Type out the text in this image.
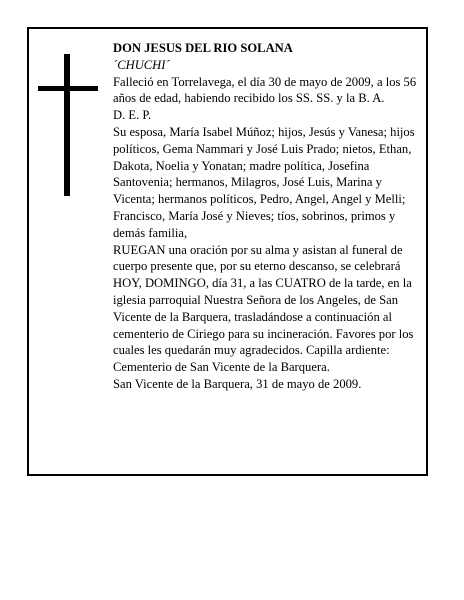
DON JESUS DEL RIO SOLANA

´CHUCHI´

Falleció en Torrelavega, el día 30 de mayo de 2009, a los 56 años de edad, habiendo recibido los SS. SS. y la B. A.

D. E. P.

Su esposa, María Isabel Múñoz; hijos, Jesús y Vanesa; hijos políticos, Gema Nammari y José Luis Prado; nietos, Ethan, Dakota, Noelia y Yonatan; madre política, Josefina Santovenia; hermanos, Milagros, José Luis, Marina y Vicenta; hermanos políticos, Pedro, Angel, Angel y Melli; Francisco, María José y Nieves; tíos, sobrinos, primos y demás familia,

RUEGAN una oración por su alma y asistan al funeral de cuerpo presente que, por su eterno descanso, se celebrará HOY, DOMINGO, día 31, a las CUATRO de la tarde, en la iglesia parroquial Nuestra Señora de los Angeles, de San Vicente de la Barquera, trasladándose a continuación al cementerio de Ciriego para su incineración. Favores por los cuales les quedarán muy agradecidos. Capilla ardiente: Cementerio de San Vicente de la Barquera.

San Vicente de la Barquera, 31 de mayo de 2009.
